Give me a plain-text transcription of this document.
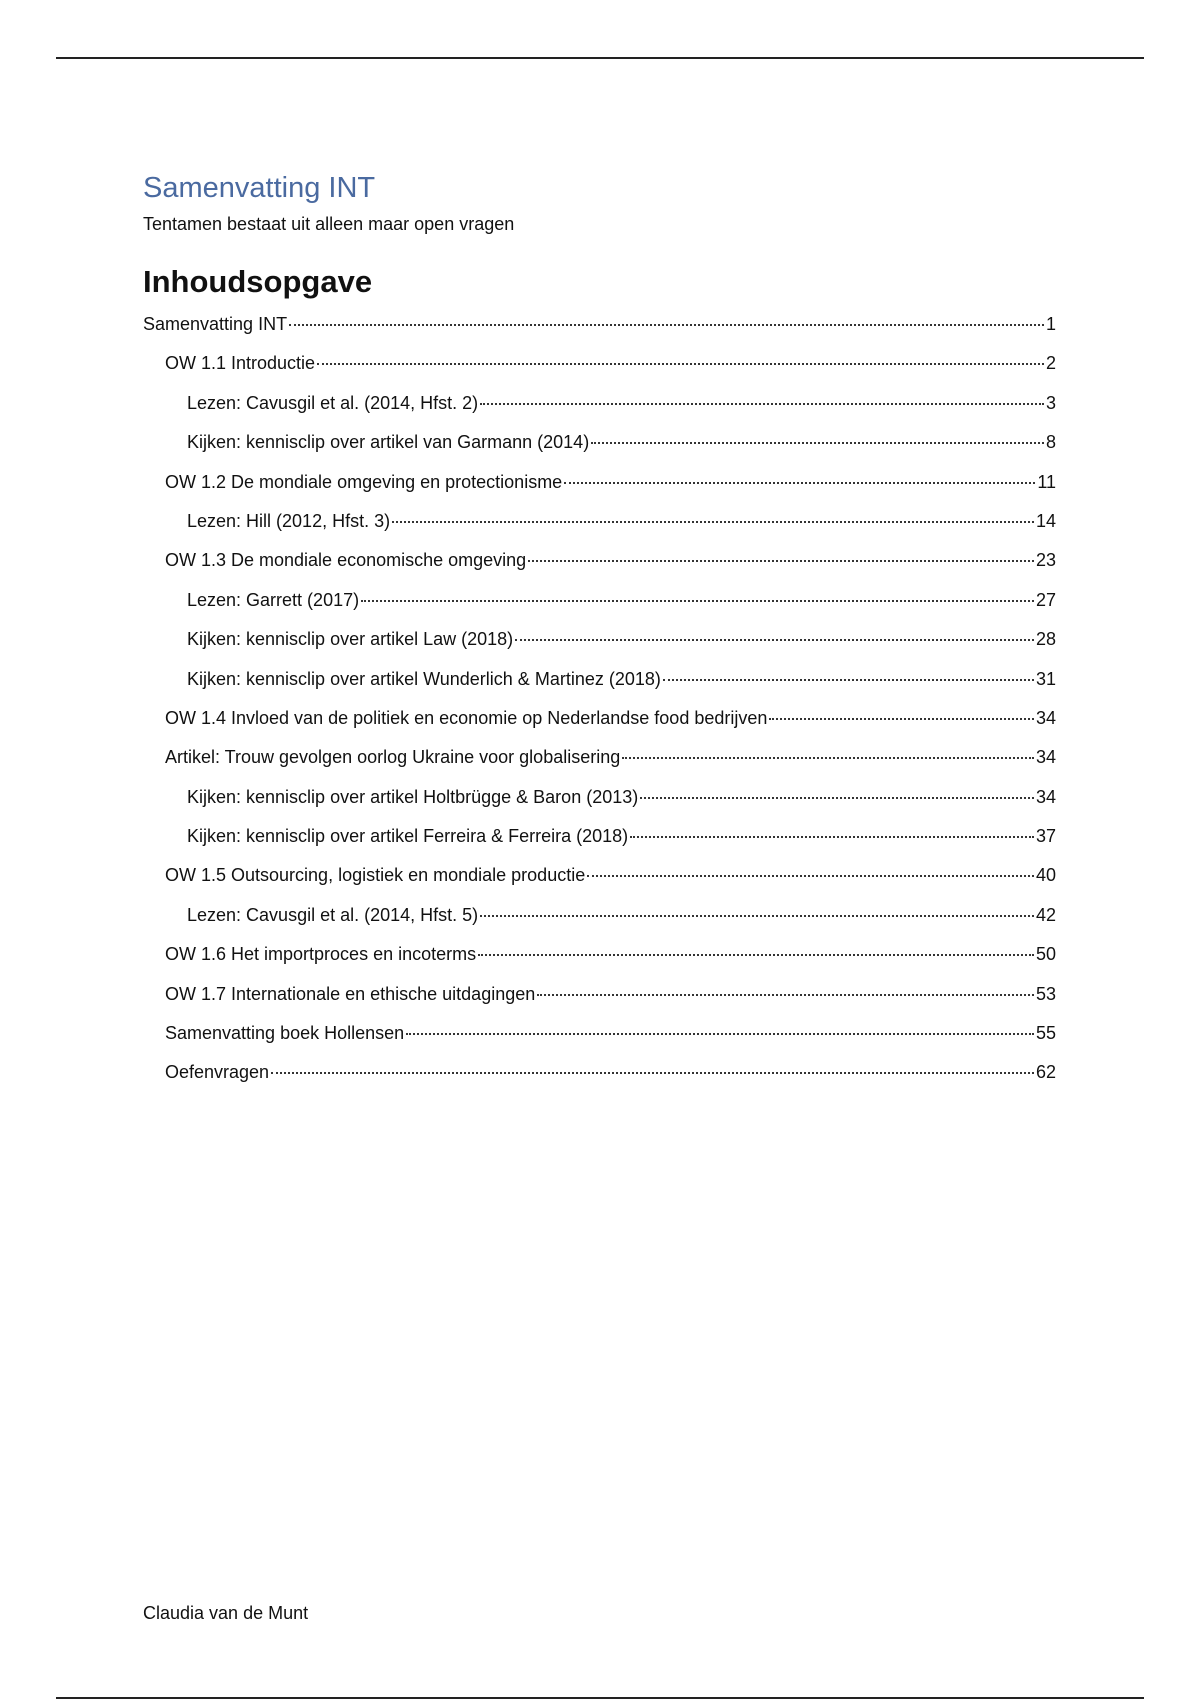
Samenvatting INT

Tentamen bestaat uit alleen maar open vragen

Inhoudsopgave
Samenvatting INT	1
OW 1.1 Introductie	2
Lezen: Cavusgil et al. (2014, Hfst. 2)	3
Kijken: kennisclip over artikel van Garmann (2014)	8
OW 1.2 De mondiale omgeving en protectionisme	11
Lezen: Hill (2012, Hfst. 3)	14
OW 1.3 De mondiale economische omgeving	23
Lezen: Garrett (2017)	27
Kijken: kennisclip over artikel Law (2018)	28
Kijken: kennisclip over artikel Wunderlich & Martinez (2018)	31
OW 1.4 Invloed van de politiek en economie op Nederlandse food bedrijven	34
Artikel: Trouw gevolgen oorlog Ukraine voor globalisering	34
Kijken: kennisclip over artikel Holtbrügge & Baron (2013)	34
Kijken: kennisclip over artikel Ferreira & Ferreira (2018)	37
OW 1.5 Outsourcing, logistiek en mondiale productie	40
Lezen: Cavusgil et al. (2014, Hfst. 5)	42
OW 1.6 Het importproces en incoterms	50
OW 1.7 Internationale en ethische uitdagingen	53
Samenvatting boek Hollensen	55
Oefenvragen	62
Claudia van de Munt
